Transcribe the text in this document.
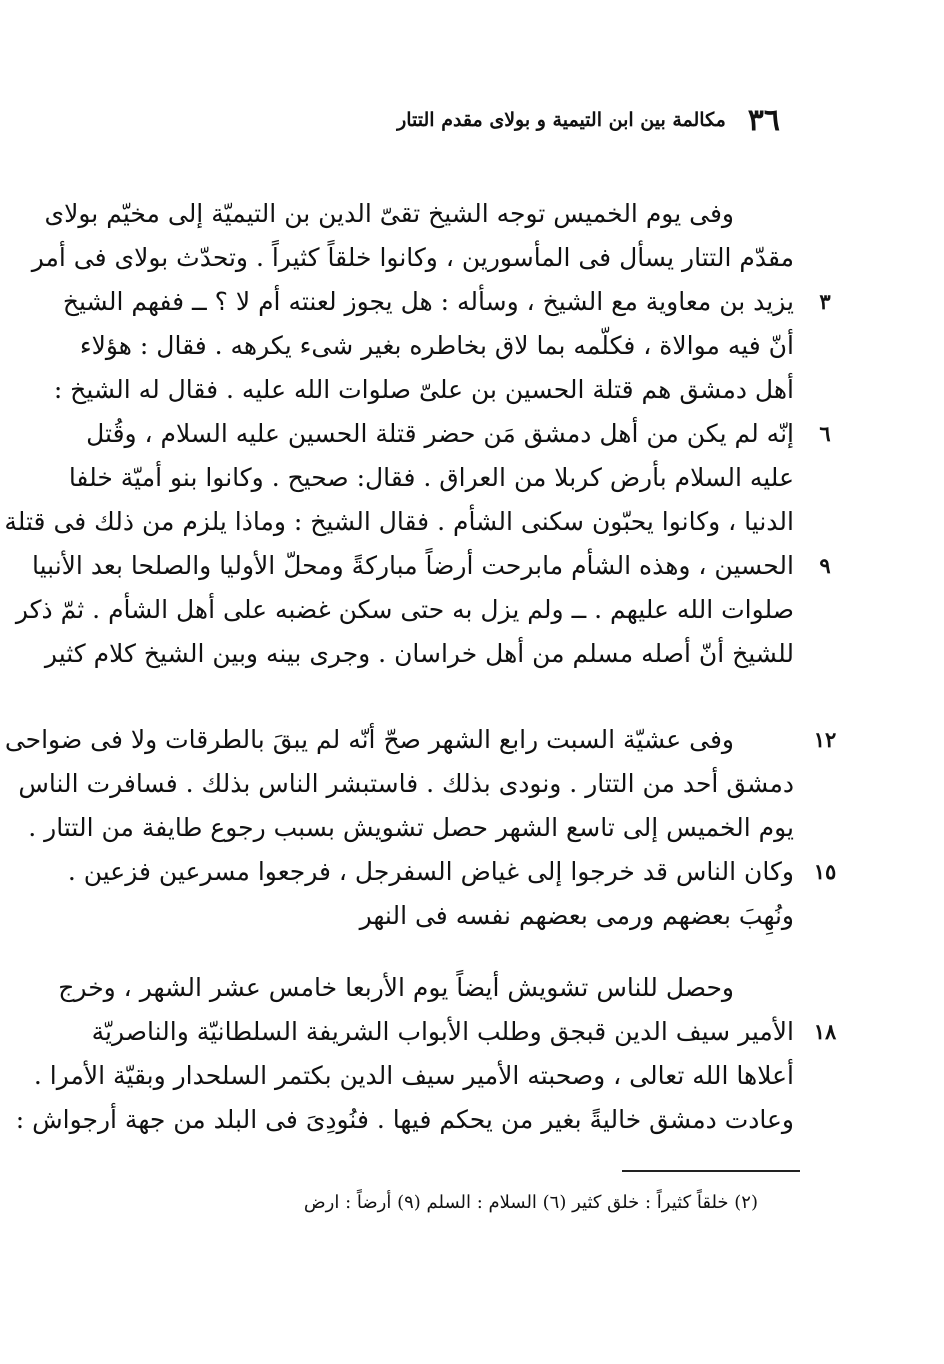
٣٦
مكالمة بين ابن التيمية و بولاى مقدم التتار
وفى يوم الخميس توجه الشيخ تقىّ الدين بن التيميّة إلى مخيّم بولاى
مقدّم التتار يسأل فى المأسورين ، وكانوا خلقاً كثيراً . وتحدّث بولاى فى أمر
يزيد بن معاوية مع الشيخ ، وسأله : هل يجوز لعنته أم لا ؟ ــ ففهم الشيخ
أنّ فيه موالاة ، فكلّمه بما لاق بخاطره بغير شىء يكرهه . فقال : هؤلاء
أهل دمشق هم قتلة الحسين بن علىّ صلوات الله عليه . فقال له الشيخ :
إنّه لم يكن من أهل دمشق مَن حضر قتلة الحسين عليه السلام ، وقُتل
عليه السلام بأرض كربلا من العراق . فقال: صحيح . وكانوا بنو أميّة خلفا
الدنيا ، وكانوا يحبّون سكنى الشأم . فقال الشيخ : وماذا يلزم من ذلك فى قتلة
الحسين ، وهذه الشأم مابرحت أرضاً مباركةً ومحلّ الأوليا والصلحا بعد الأنبيا
صلوات الله عليهم . ــ ولم يزل به حتى سكن غضبه على أهل الشأم . ثمّ ذكر
للشيخ أنّ أصله مسلم من أهل خراسان . وجرى بينه وبين الشيخ كلام كثير
وفى عشيّة السبت رابع الشهر صحّ أنّه لم يبقَ بالطرقات ولا فى ضواحى
دمشق أحد من التتار . ونودى بذلك . فاستبشر الناس بذلك . فسافرت الناس
يوم الخميس إلى تاسع الشهر حصل تشويش بسبب رجوع طايفة من التتار .
وكان الناس قد خرجوا إلى غياض السفرجل ، فرجعوا مسرعين فزعين .
ونُهِبَ بعضهم ورمى بعضهم نفسه فى النهر
وحصل للناس تشويش أيضاً يوم الأربعا خامس عشر الشهر ، وخرج
الأمير سيف الدين قبجق وطلب الأبواب الشريفة السلطانيّة والناصريّة
أعلاها الله تعالى ، وصحبته الأمير سيف الدين بكتمر السلحدار وبقيّة الأمرا .
وعادت دمشق خاليةً بغير من يحكم فيها . فنُودِىَ فى البلد من جهة أرجواش :
٣
٦
٩
١٢
١٥
١٨
(٢) خلقاً كثيراً : خلق كثير (٦) السلام : السلم (٩) أرضاً : ارض
